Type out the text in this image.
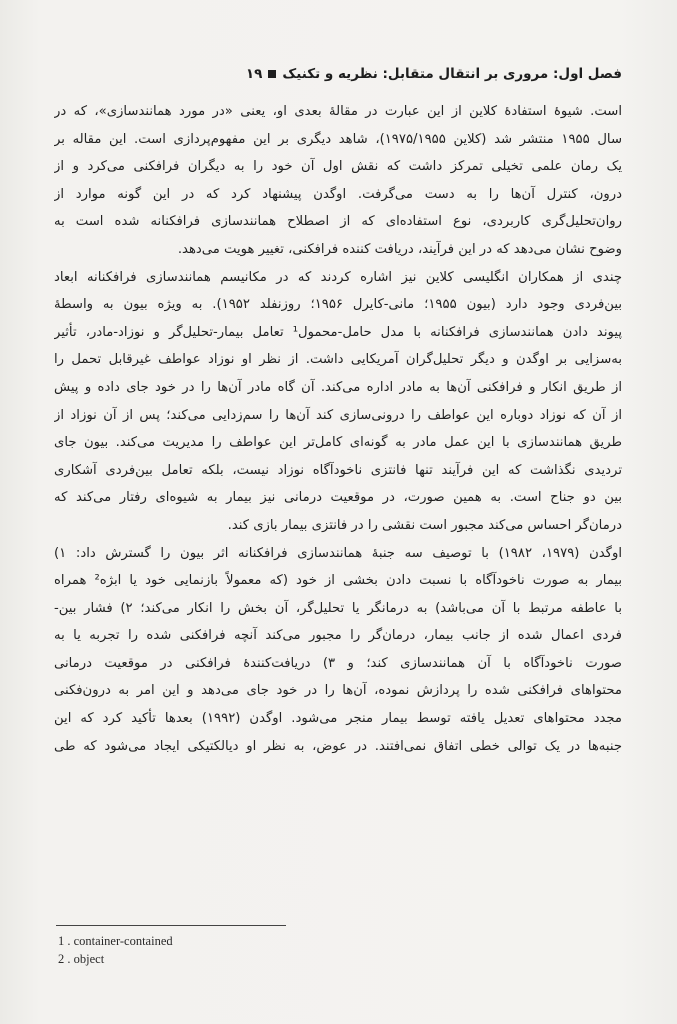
فصل اول: مروری بر انتقال متقابل: نظریه و تکنیک
۱۹
است. شیوهٔ استفادهٔ کلاین از این عبارت در مقالهٔ بعدی او، یعنی «در مورد همانندسازی»، که در
سال ۱۹۵۵ منتشر شد (کلاین ۱۹۷۵/۱۹۵۵)، شاهد دیگری بر این مفهوم‌پردازی است. این مقاله بر
یک رمان علمی تخیلی تمرکز داشت که نقش اول آن خود را به دیگران فرافکنی می‌کرد و از
درون، کنترل آن‌ها را به دست می‌گرفت. اوگدن پیشنهاد کرد که در این گونه موارد از
روان‌تحلیل‌گری کاربردی، نوع استفاده‌ای که از اصطلاح همانندسازی فرافکنانه شده است به
وضوح نشان می‌دهد که در این فرآیند، دریافت کننده فرافکنی، تغییر هویت می‌دهد.
چندی از همکاران انگلیسی کلاین نیز اشاره کردند که در مکانیسم همانندسازی فرافکنانه ابعاد
بین‌فردی وجود دارد (بیون ۱۹۵۵؛ مانی-کایرل ۱۹۵۶؛ روزنفلد ۱۹۵۲). به ویژه بیون به واسطهٔ
پیوند دادن همانندسازی فرافکنانه با مدل حامل-محمول¹ تعامل بیمار-تحلیل‌گر و نوزاد-مادر، تأثیر
به‌سزایی بر اوگدن و دیگر تحلیل‌گران آمریکایی داشت. از نظر او نوزاد عواطف غیرقابل تحمل را
از طریق انکار و فرافکنی آن‌ها به مادر اداره می‌کند. آن گاه مادر آن‌ها را در خود جای داده و پیش
از آن که نوزاد دوباره این عواطف را درونی‌سازی کند آن‌ها را سم‌زدایی می‌کند؛ پس از آن نوزاد از
طریق همانندسازی با این عمل مادر به گونه‌ای کامل‌تر این عواطف را مدیریت می‌کند. بیون جای
تردیدی نگذاشت که این فرآیند تنها فانتزی ناخودآگاه نوزاد نیست، بلکه تعامل بین‌فردی آشکاری
بین دو جناح است. به همین صورت، در موقعیت درمانی نیز بیمار به شیوه‌ای رفتار می‌کند که
درمان‌گر احساس می‌کند مجبور است نقشی را در فانتزی بیمار بازی کند.
اوگدن (۱۹۷۹، ۱۹۸۲) با توصیف سه جنبهٔ همانندسازی فرافکنانه اثر بیون را گسترش داد: ۱)
بیمار به صورت ناخودآگاه با نسبت دادن بخشی از خود (که معمولاً بازنمایی خود یا ابژه² همراه
با عاطفه مرتبط با آن می‌باشد) به درمانگر یا تحلیل‌گر، آن بخش را انکار می‌کند؛ ۲) فشار بین-
فردی اعمال شده از جانب بیمار، درمان‌گر را مجبور می‌کند آنچه فرافکنی شده را تجربه یا به
صورت ناخودآگاه با آن همانندسازی کند؛ و ۳) دریافت‌کنندهٔ فرافکنی در موقعیت درمانی
محتواهای فرافکنی شده را پردازش نموده، آن‌ها را در خود جای می‌دهد و این امر به درون‌فکنی
مجدد محتواهای تعدیل یافته توسط بیمار منجر می‌شود. اوگدن (۱۹۹۲) بعدها تأکید کرد که این
جنبه‌ها در یک توالی خطی اتفاق نمی‌افتند. در عوض، به نظر او دیالکتیکی ایجاد می‌شود که طی
1 . container-contained
2 . object
